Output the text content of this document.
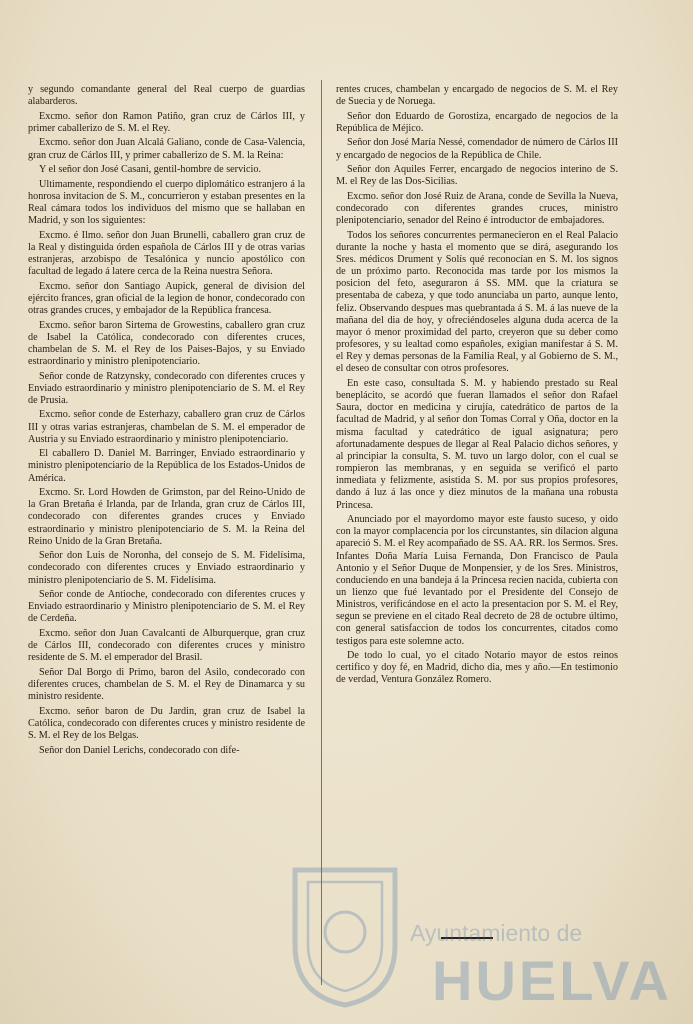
y segundo comandante general del Real cuerpo de guardias alabarderos.

Excmo. señor don Ramon Patiño, gran cruz de Cárlos III, y primer caballerizo de S. M. el Rey.

Excmo. señor don Juan Alcalá Galiano, conde de Casa-Valencia, gran cruz de Cárlos III, y primer caballerizo de S. M. la Reina:

Y el señor don José Casani, gentil-hombre de servicio.

Ultimamente, respondiendo el cuerpo diplomático estranjero á la honrosa invitacion de S. M., concurrieron y estaban presentes en la Real cámara todos los individuos del mismo que se hallaban en Madrid, y son los siguientes:

Excmo. é Ilmo. señor don Juan Brunelli, caballero gran cruz de la Real y distinguida órden española de Cárlos III y de otras varias estranjeras, arzobispo de Tesalónica y nuncio apostólico con facultad de legado á latere cerca de la Reina nuestra Señora.

Excmo. señor don Santiago Aupick, general de division del ejército frances, gran oficial de la legion de honor, condecorado con otras grandes cruces, y embajador de la República francesa.

Excmo. señor baron Sirtema de Growestins, caballero gran cruz de Isabel la Católica, condecorado con diferentes cruces, chambelan de S. M. el Rey de los Paises-Bajos, y su Enviado estraordinario y ministro plenipotenciario.

Señor conde de Ratzynsky, condecorado con diferentes cruces y Enviado estraordinario y ministro plenipotenciario de S. M. el Rey de Prusia.

Excmo. señor conde de Esterhazy, caballero gran cruz de Cárlos III y otras varias estranjeras, chambelan de S. M. el emperador de Austria y su Enviado estraordinario y ministro plenipotenciario.

El caballero D. Daniel M. Barringer, Enviado estraordinario y ministro plenipotenciario de la República de los Estados-Unidos de América.

Excmo. Sr. Lord Howden de Grimston, par del Reino-Unido de la Gran Bretaña é Irlanda, par de Irlanda, gran cruz de Cárlos III, condecorado con diferentes grandes cruces y Enviado estraordinario y ministro plenipotenciario de S. M. la Reina del Reino Unido de la Gran Bretaña.

Señor don Luis de Noronha, del consejo de S. M. Fidelísima, condecorado con diferentes cruces y Enviado estraordinario y ministro plenipotenciario de S. M. Fidelísima.

Señor conde de Antioche, condecorado con diferentes cruces y Enviado estraordinario y Ministro plenipotenciario de S. M. el Rey de Cerdeña.

Excmo. señor don Juan Cavalcanti de Alburquerque, gran cruz de Cárlos III, condecorado con diferentes cruces y ministro residente de S. M. el emperador del Brasil.

Señor Dal Borgo di Primo, baron del Asilo, condecorado con diferentes cruces, chambelan de S. M. el Rey de Dinamarca y su ministro residente.

Excmo. señor baron de Du Jardin, gran cruz de Isabel la Católica, condecorado con diferentes cruces y ministro residente de S. M. el Rey de los Belgas.

Señor don Daniel Lerichs, condecorado con dife-

rentes cruces, chambelan y encargado de negocios de S. M. el Rey de Suecia y de Noruega.

Señor don Eduardo de Gorostiza, encargado de negocios de la República de Méjico.

Señor don José María Nessé, comendador de número de Cárlos III y encargado de negocios de la República de Chile.

Señor don Aquiles Ferrer, encargado de negocios interino de S. M. el Rey de las Dos-Sicilias.

Excmo. señor don José Ruiz de Arana, conde de Sevilla la Nueva, condecorado con diferentes grandes cruces, ministro plenipotenciario, senador del Reino é introductor de embajadores.

Todos los señores concurrentes permanecieron en el Real Palacio durante la noche y hasta el momento que se dirá, asegurando los Sres. médicos Drument y Solís qué reconocían en S. M. los signos de un próximo parto. Reconocida mas tarde por los mismos la posicion del feto, aseguraron á SS. MM. que la criatura se presentaba de cabeza, y que todo anunciaba un parto, aunque lento, feliz. Observando despues mas quebrantada á S. M. á las nueve de la mañana del dia de hoy, y ofreciéndoseles alguna duda acerca de la mayor ó menor proximidad del parto, creyeron que su deber como profesores, y su lealtad como españoles, exigian manifestar á S. M. el Rey y demas personas de la Familia Real, y al Gobierno de S. M., el deseo de consultar con otros profesores.

En este caso, consultada S. M. y habiendo prestado su Real beneplácito, se acordó que fueran llamados el señor don Rafael Saura, doctor en medicina y cirujía, catedrático de partos de la facultad de Madrid, y al señor don Tomas Corral y Oña, doctor en la misma facultad y catedrático de igual asignatura; pero afortunadamente despues de llegar al Real Palacio dichos señores, y al principiar la consulta, S. M. tuvo un largo dolor, con el cual se rompieron las membranas, y en seguida se verificó el parto inmediata y felizmente, asistida S. M. por sus propios profesores, dando á luz á las once y diez minutos de la mañana una robusta Princesa.

Anunciado por el mayordomo mayor este fausto suceso, y oido con la mayor complacencia por los circunstantes, sin dilacion alguna apareció S. M. el Rey acompañado de SS. AA. RR. los Sermos. Sres. Infantes Doña María Luisa Fernanda, Don Francisco de Paula Antonio y el Señor Duque de Monpensier, y de los Sres. Ministros, conduciendo en una bandeja á la Princesa recien nacida, cubierta con un lienzo que fué levantado por el Presidente del Consejo de Ministros, verificándose en el acto la presentacion por S. M. el Rey, segun se previene en el citado Real decreto de 28 de octubre último, con general satisfaccion de todos los concurrentes, citados como testigos para este solemne acto.

De todo lo cual, yo el citado Notario mayor de estos reinos certifico y doy fé, en Madrid, dicho dia, mes y año.—En testimonio de verdad, Ventura González Romero.

Ayuntamiento de
HUELVA
